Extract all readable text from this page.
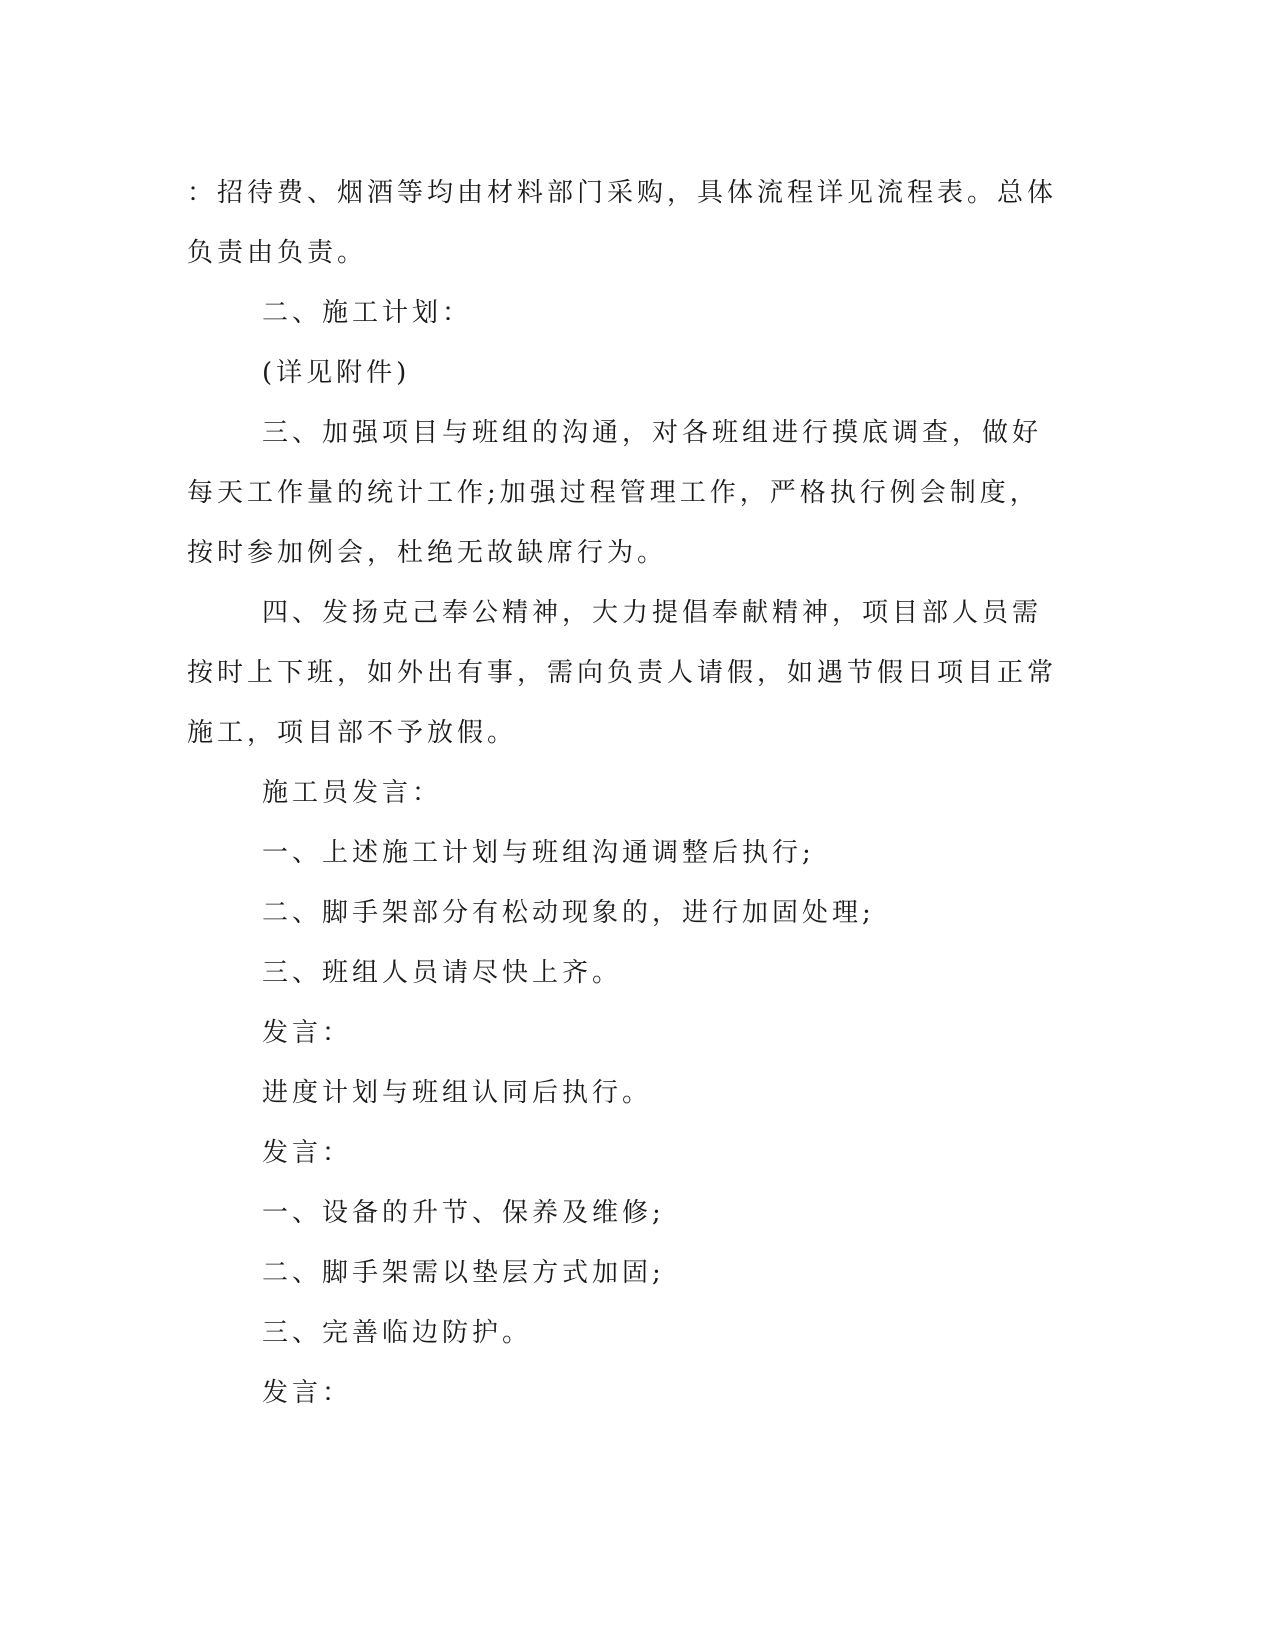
：招待费、烟酒等均由材料部门采购，具体流程详见流程表。总体负责由负责。

二、施工计划：

(详见附件)

三、加强项目与班组的沟通，对各班组进行摸底调查，做好每天工作量的统计工作;加强过程管理工作，严格执行例会制度，按时参加例会，杜绝无故缺席行为。

四、发扬克己奉公精神，大力提倡奉献精神，项目部人员需按时上下班，如外出有事，需向负责人请假，如遇节假日项目正常施工，项目部不予放假。

施工员发言：

一、上述施工计划与班组沟通调整后执行;

二、脚手架部分有松动现象的，进行加固处理;

三、班组人员请尽快上齐。

发言：

进度计划与班组认同后执行。

发言：

一、设备的升节、保养及维修;

二、脚手架需以垫层方式加固;

三、完善临边防护。

发言：
